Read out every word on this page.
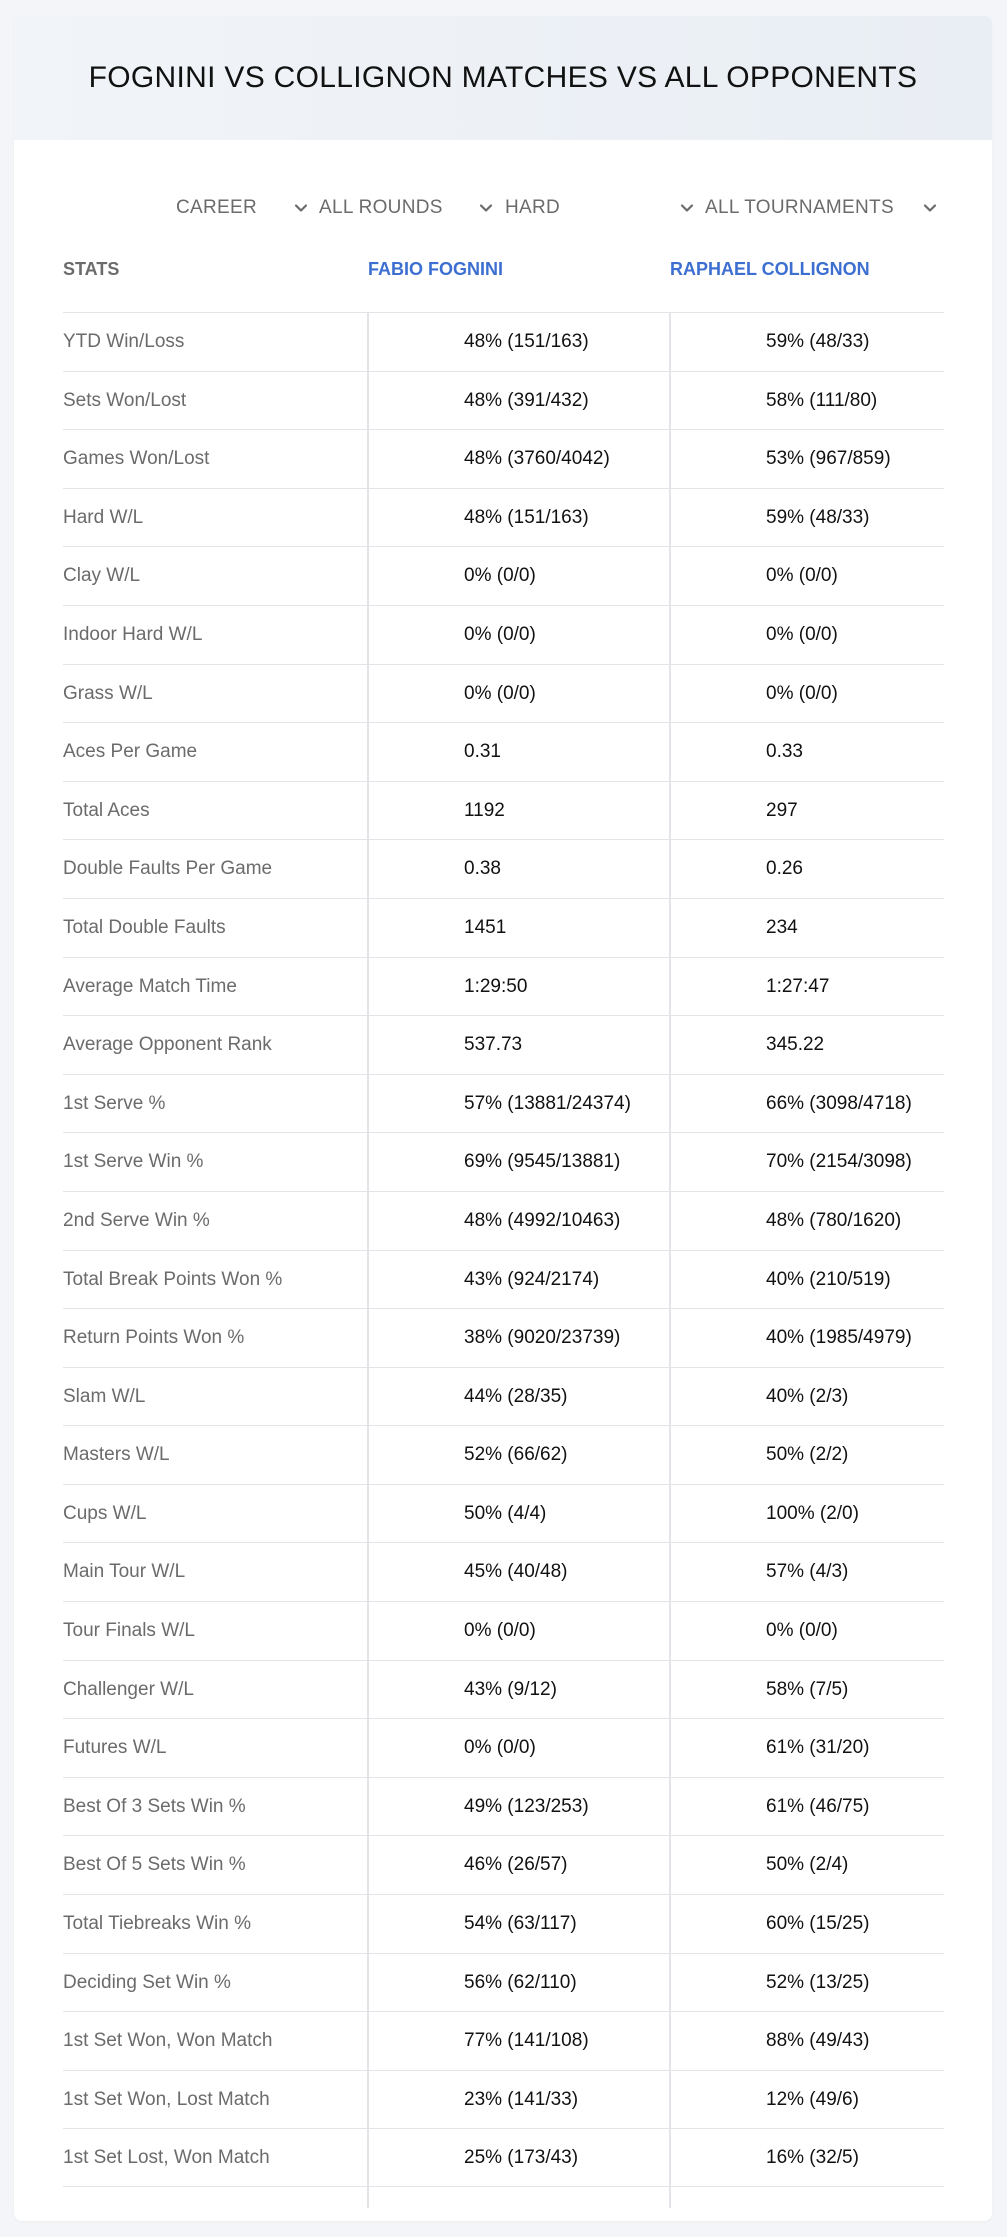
FOGNINI VS COLLIGNON MATCHES VS ALL OPPONENTS
CAREER	ALL ROUNDS	HARD	ALL TOURNAMENTS
STATS	FABIO FOGNINI	RAPHAEL COLLIGNON
YTD Win/Loss	48% (151/163)	59% (48/33)
Sets Won/Lost	48% (391/432)	58% (111/80)
Games Won/Lost	48% (3760/4042)	53% (967/859)
Hard W/L	48% (151/163)	59% (48/33)
Clay W/L	0% (0/0)	0% (0/0)
Indoor Hard W/L	0% (0/0)	0% (0/0)
Grass W/L	0% (0/0)	0% (0/0)
Aces Per Game	0.31	0.33
Total Aces	1192	297
Double Faults Per Game	0.38	0.26
Total Double Faults	1451	234
Average Match Time	1:29:50	1:27:47
Average Opponent Rank	537.73	345.22
1st Serve %	57% (13881/24374)	66% (3098/4718)
1st Serve Win %	69% (9545/13881)	70% (2154/3098)
2nd Serve Win %	48% (4992/10463)	48% (780/1620)
Total Break Points Won %	43% (924/2174)	40% (210/519)
Return Points Won %	38% (9020/23739)	40% (1985/4979)
Slam W/L	44% (28/35)	40% (2/3)
Masters W/L	52% (66/62)	50% (2/2)
Cups W/L	50% (4/4)	100% (2/0)
Main Tour W/L	45% (40/48)	57% (4/3)
Tour Finals W/L	0% (0/0)	0% (0/0)
Challenger W/L	43% (9/12)	58% (7/5)
Futures W/L	0% (0/0)	61% (31/20)
Best Of 3 Sets Win %	49% (123/253)	61% (46/75)
Best Of 5 Sets Win %	46% (26/57)	50% (2/4)
Total Tiebreaks Win %	54% (63/117)	60% (15/25)
Deciding Set Win %	56% (62/110)	52% (13/25)
1st Set Won, Won Match	77% (141/108)	88% (49/43)
1st Set Won, Lost Match	23% (141/33)	12% (49/6)
1st Set Lost, Won Match	25% (173/43)	16% (32/5)
